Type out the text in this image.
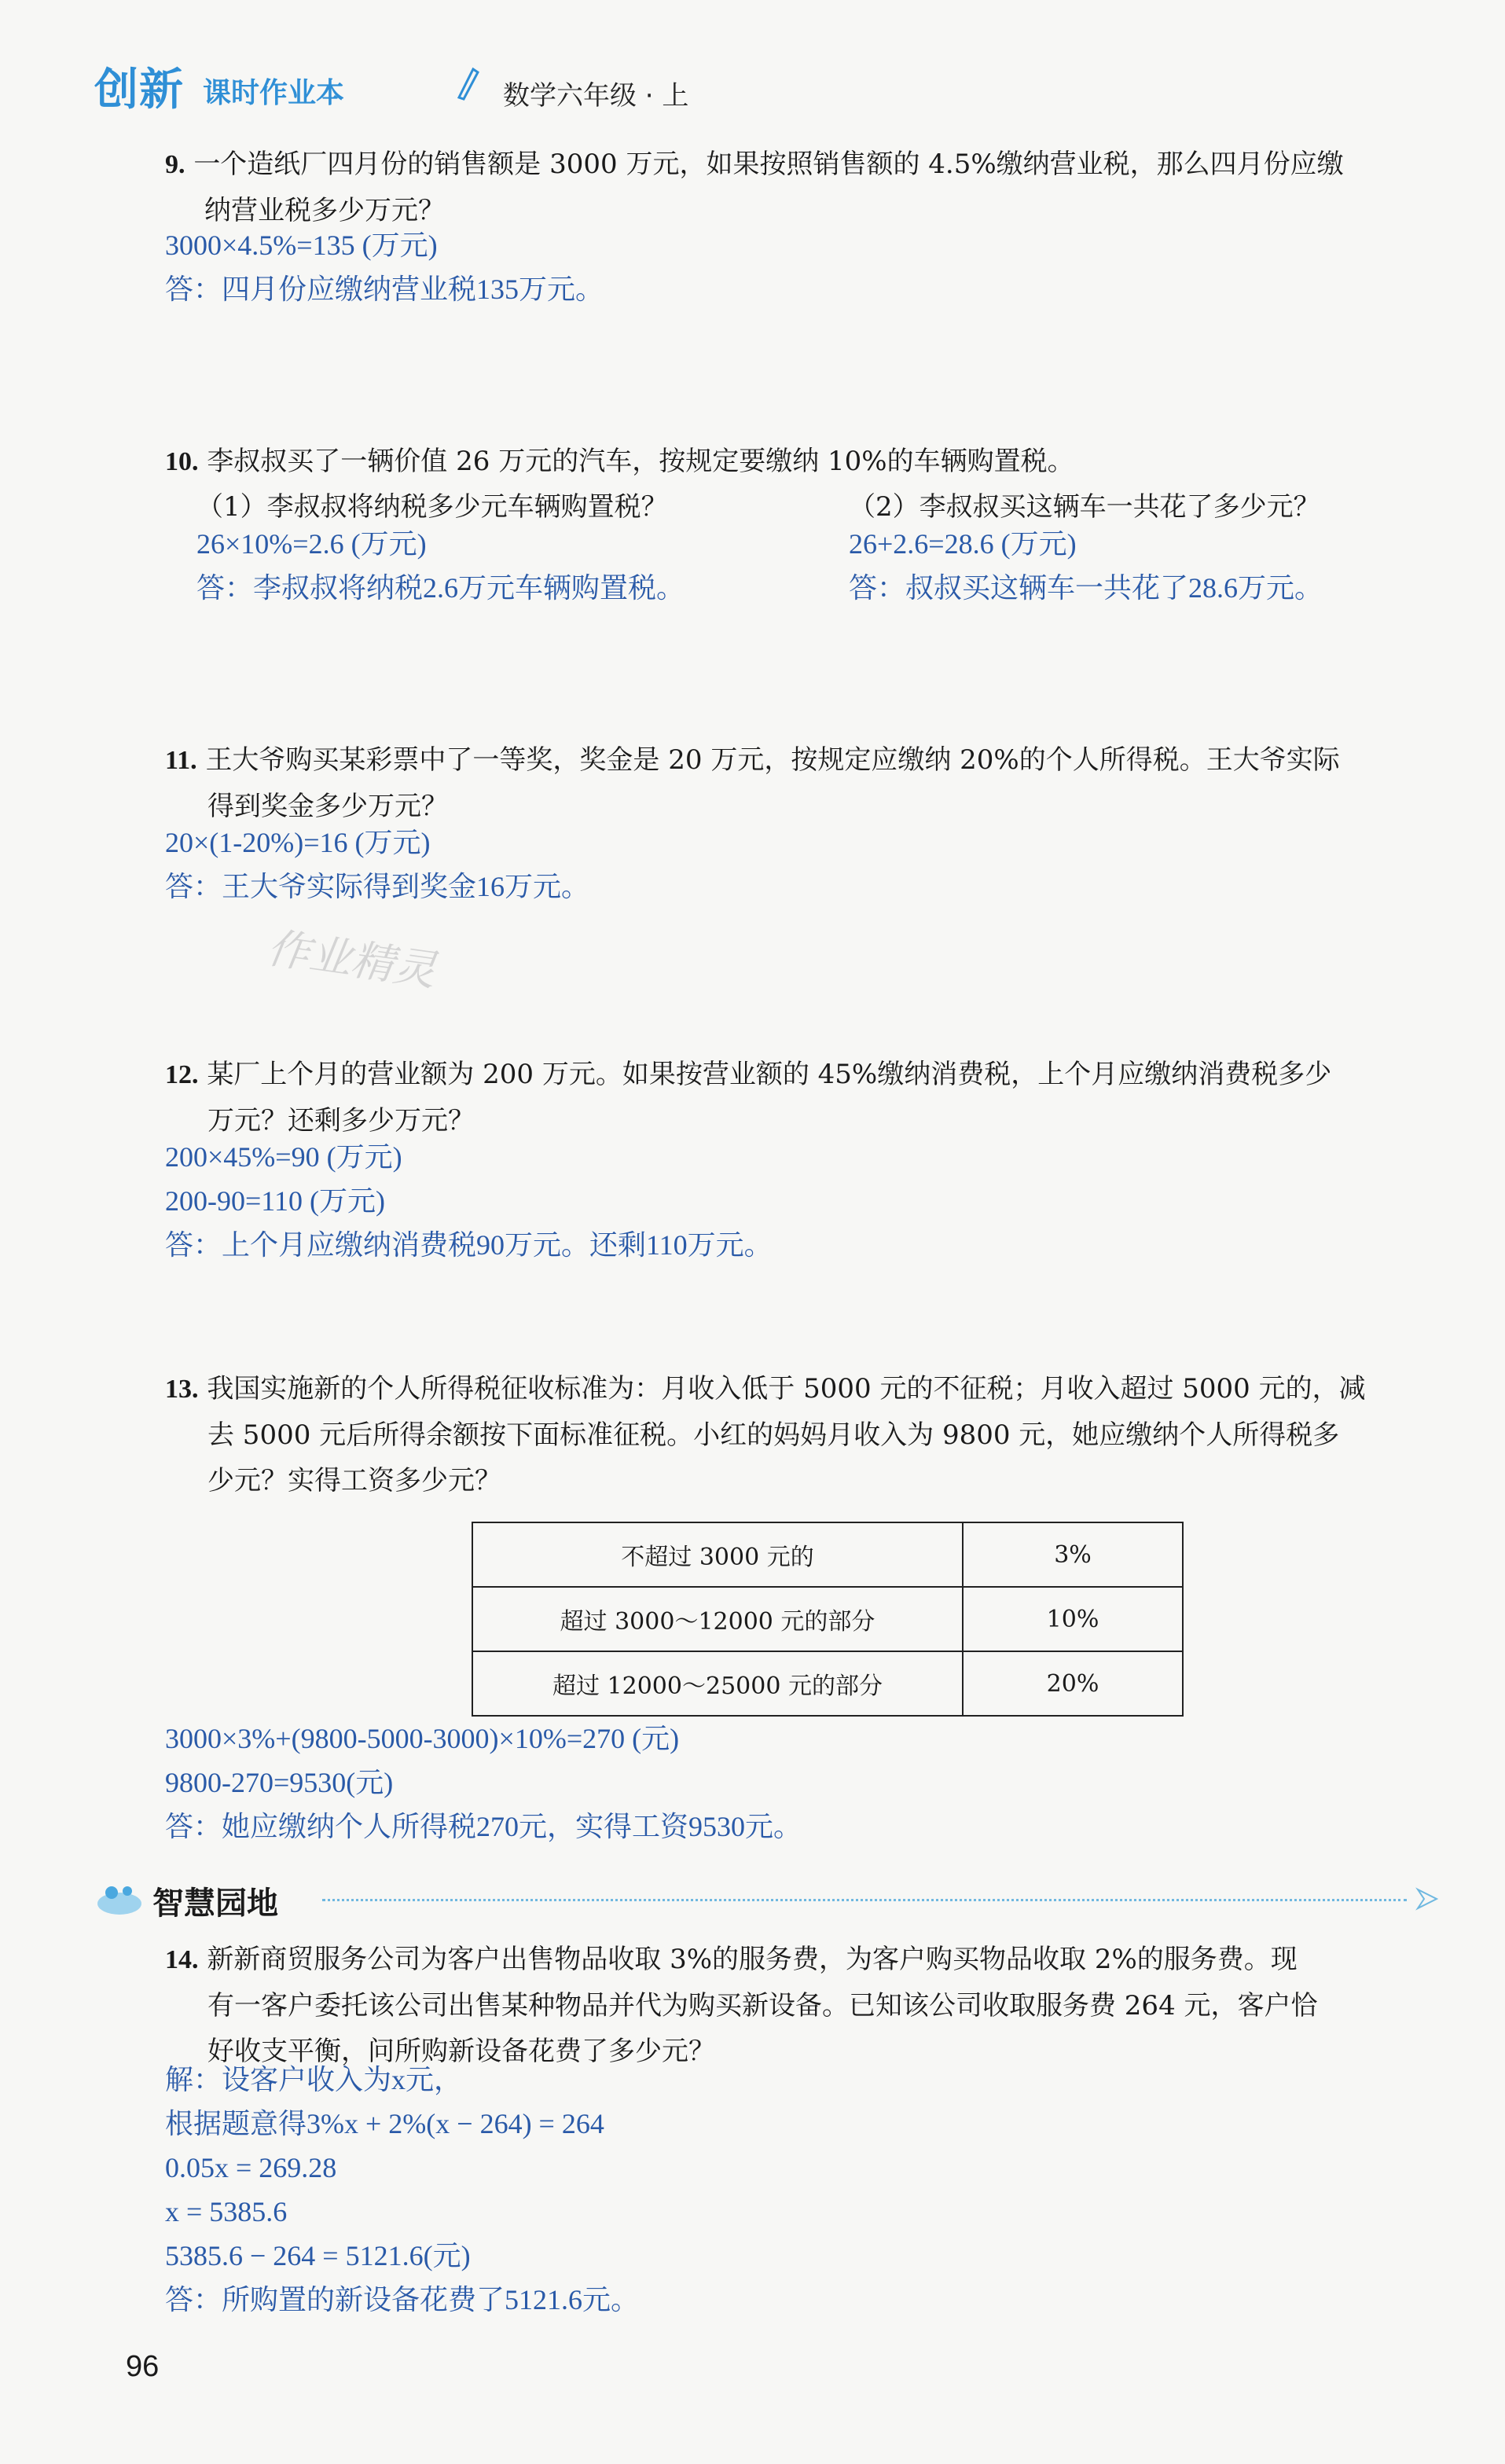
创新 课时作业本	数学六年级 · 上
9. 一个造纸厂四月份的销售额是 3000 万元，如果按照销售额的 4.5%缴纳营业税，那么四月份应缴
纳营业税多少万元？
3000×4.5%=135 (万元)
答：四月份应缴纳营业税135万元。
10. 李叔叔买了一辆价值 26 万元的汽车，按规定要缴纳 10%的车辆购置税。
（1）李叔叔将纳税多少元车辆购置税？	（2）李叔叔买这辆车一共花了多少元？
26×10%=2.6 (万元)
答：李叔叔将纳税2.6万元车辆购置税。
26+2.6=28.6 (万元)
答：叔叔买这辆车一共花了28.6万元。
11. 王大爷购买某彩票中了一等奖，奖金是 20 万元，按规定应缴纳 20%的个人所得税。王大爷实际
得到奖金多少万元？
20×(1-20%)=16 (万元)
答：王大爷实际得到奖金16万元。
作业精灵
12. 某厂上个月的营业额为 200 万元。如果按营业额的 45%缴纳消费税，上个月应缴纳消费税多少
万元？还剩多少万元？
200×45%=90 (万元)
200-90=110 (万元)
答：上个月应缴纳消费税90万元。还剩110万元。
13. 我国实施新的个人所得税征收标准为：月收入低于 5000 元的不征税；月收入超过 5000 元的，减
去 5000 元后所得余额按下面标准征税。小红的妈妈月收入为 9800 元，她应缴纳个人所得税多
少元？实得工资多少元？
不超过 3000 元的	3%
超过 3000～12000 元的部分	10%
超过 12000～25000 元的部分	20%
3000×3%+(9800-5000-3000)×10%=270 (元)
9800-270=9530(元)
答：她应缴纳个人所得税270元，实得工资9530元。
智慧园地
14. 新新商贸服务公司为客户出售物品收取 3%的服务费，为客户购买物品收取 2%的服务费。现
有一客户委托该公司出售某种物品并代为购买新设备。已知该公司收取服务费 264 元，客户恰
好收支平衡，问所购新设备花费了多少元？
解：设客户收入为x元，
根据题意得3%x + 2%(x − 264) = 264
0.05x = 269.28
x = 5385.6
5385.6 − 264 = 5121.6(元)
答：所购置的新设备花费了5121.6元。
96
